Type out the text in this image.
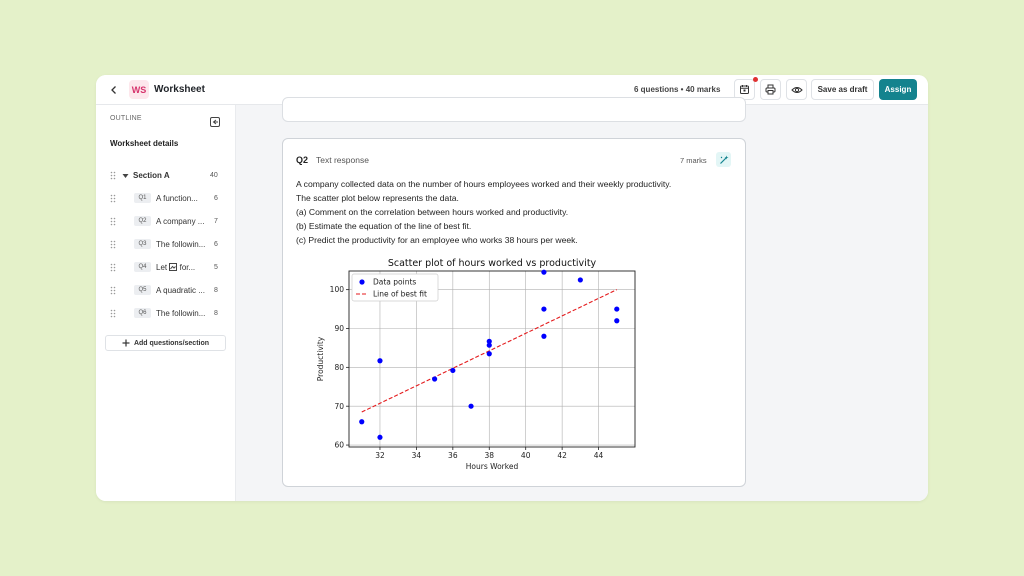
WS Worksheet	6 questions • 40 marks	Save as draft	Assign
OUTLINE
Worksheet details
Section A	40
Q1	A function... 6
Q2	A company ... 7
Q3	The followin... 6
Q4	Let for...	5
Q5	A quadratic ... 8
Q6	The followin... 8
Add questions/section
Q2 Text response	7 marks
A company collected data on the number of hours employees worked and their weekly productivity.
The scatter plot below represents the data.
(a) Comment on the correlation between hours worked and productivity.
(b) Estimate the equation of the line of best fit.
(c) Predict the productivity for an employee who works 38 hours per week.
32	34	36	38	40	42	44
60
70
80
90
100
Scatter plot of hours worked vs productivity
Hours Worked
Productivity
Data points
Line of best fit
